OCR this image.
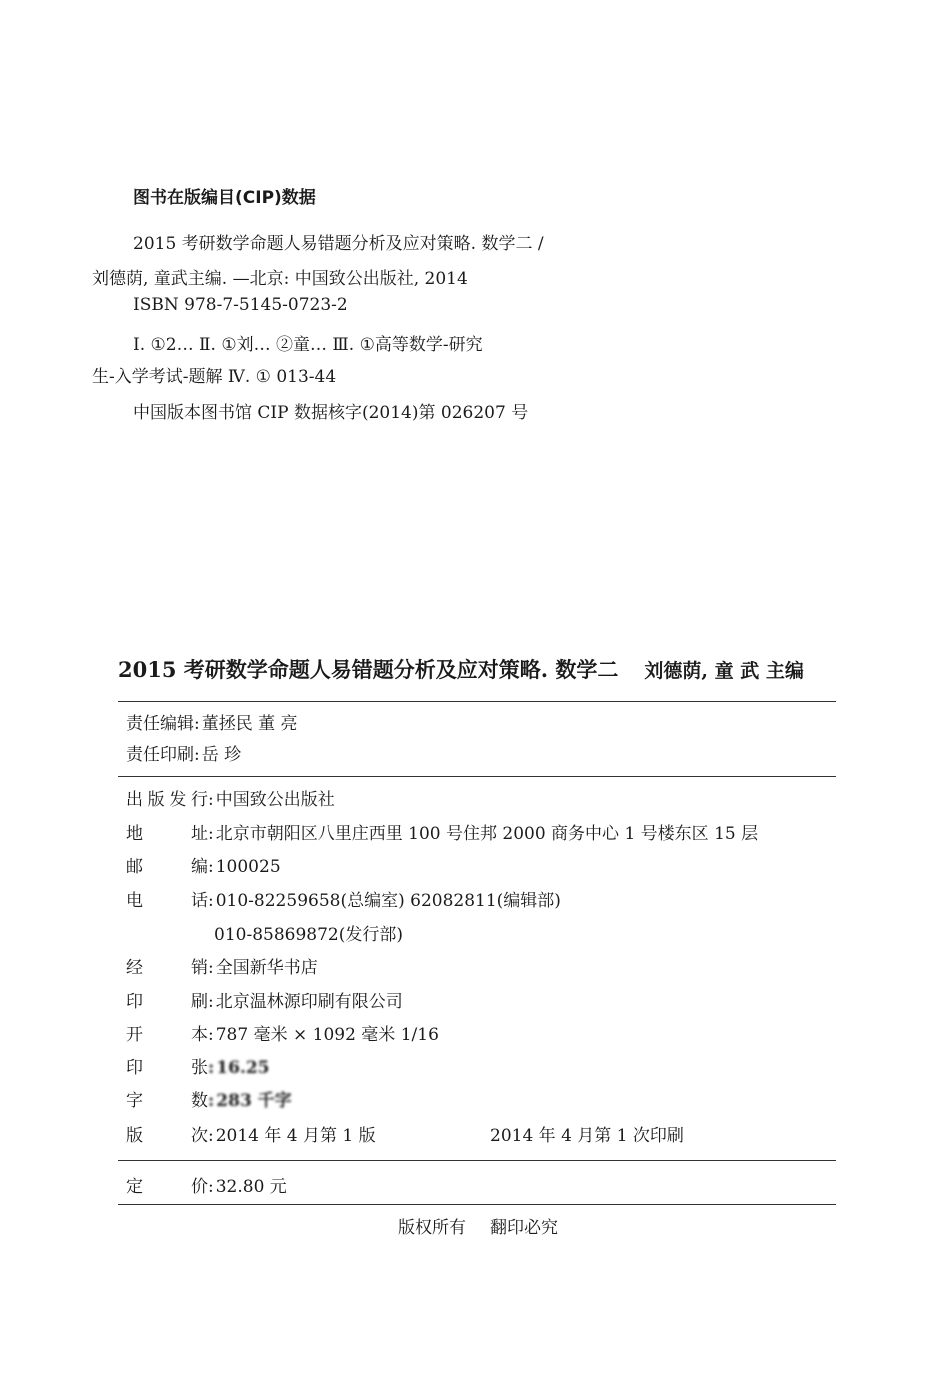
图书在版编目(CIP)数据
2015 考研数学命题人易错题分析及应对策略. 数学二 /
刘德荫, 童武主编. —北京: 中国致公出版社, 2014
ISBN 978-7-5145-0723-2
Ⅰ. ①2… Ⅱ. ①刘… ②童… Ⅲ. ①高等数学-研究
生-入学考试-题解 Ⅳ. ① 013-44
中国版本图书馆 CIP 数据核字(2014)第 026207 号
2015 考研数学命题人易错题分析及应对策略. 数学二 刘德荫, 童 武 主编
责任编辑: 董拯民 董 亮
责任印刷: 岳 珍
出版发行: 中国致公出版社
地 址: 北京市朝阳区八里庄西里 100 号住邦 2000 商务中心 1 号楼东区 15 层
邮 编: 100025
电 话: 010-82259658(总编室) 62082811(编辑部)
010-85869872(发行部)
经 销: 全国新华书店
印 刷: 北京温林源印刷有限公司
开 本: 787 毫米 × 1092 毫米 1/16
印 张: 16.25
字 数: 283 千字
版 次: 2014 年 4 月第 1 版	2014 年 4 月第 1 次印刷
定 价: 32.80 元
版权所有 翻印必究
